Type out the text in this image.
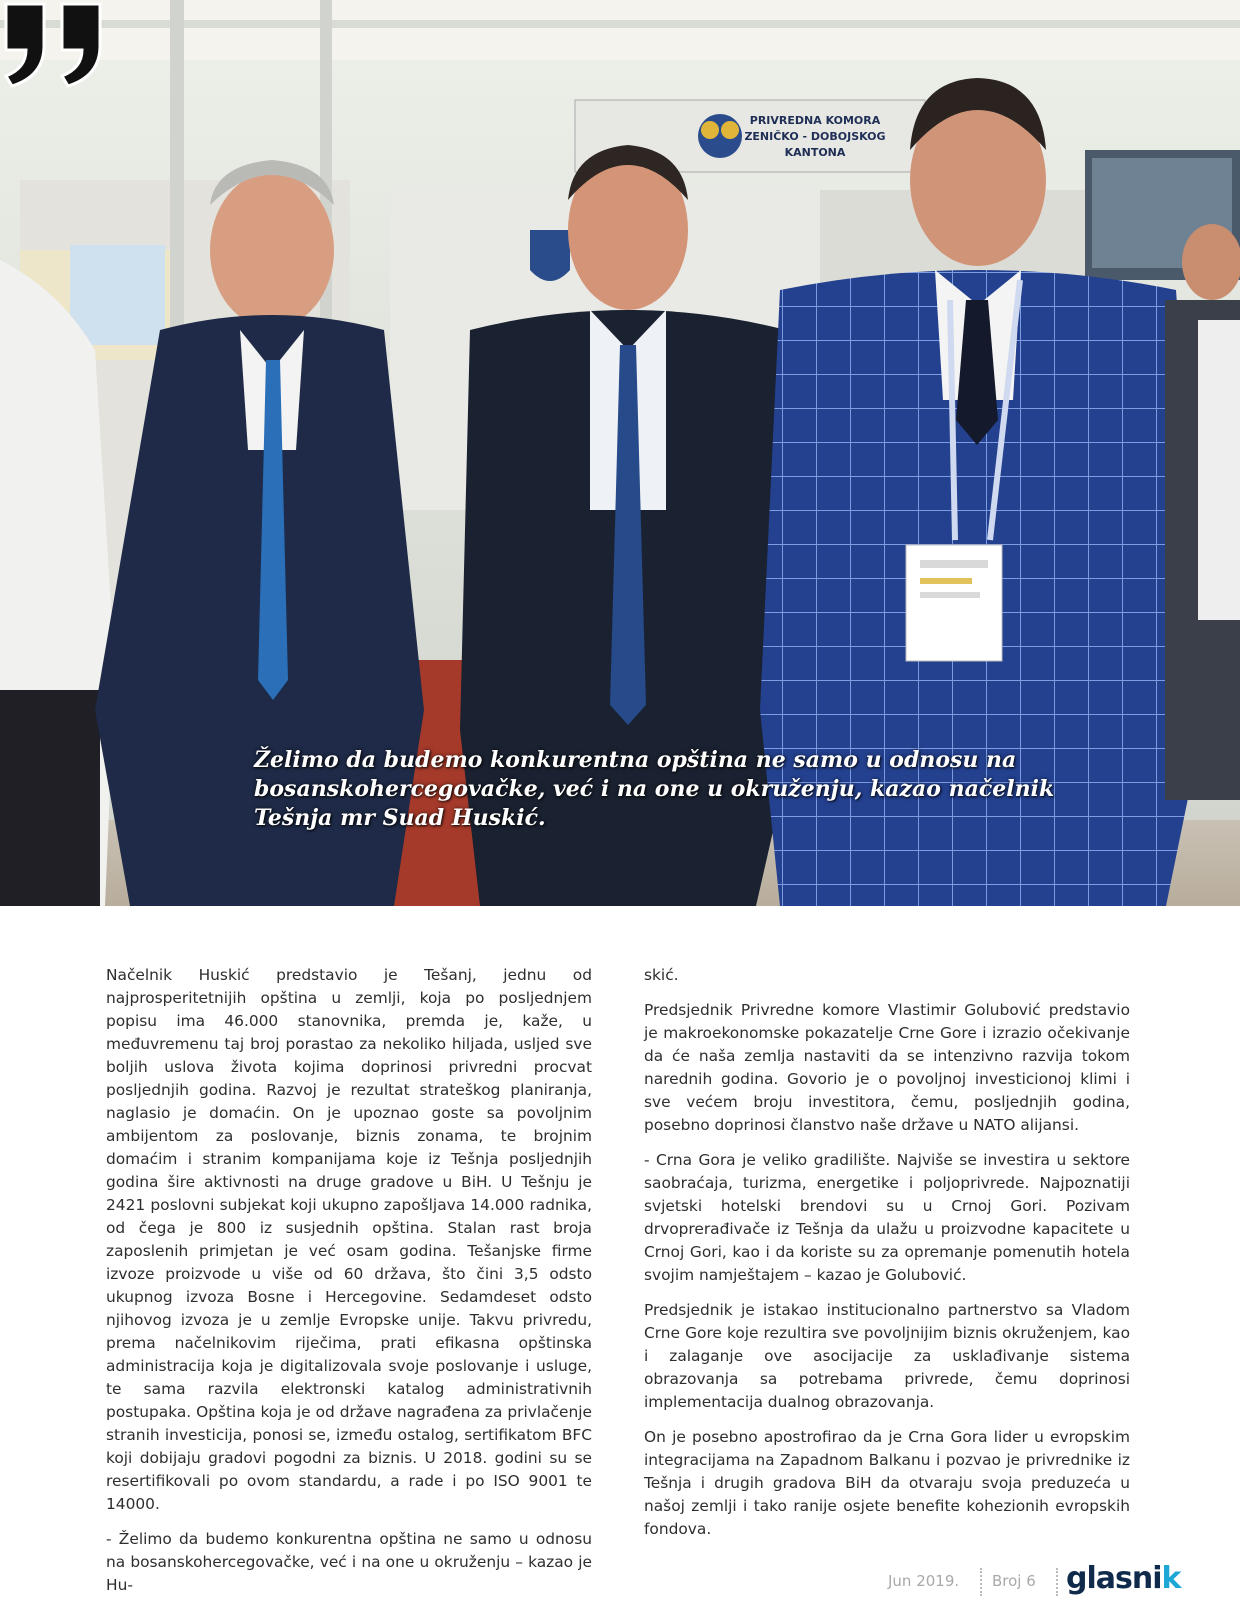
PRIVREDNA KOMORA
ZENIČKO - DOBOJSKOG
KANTONA
Želimo da budemo konkurentna opština ne samo u odnosu na
bosanskohercegovačke, već i na one u okruženju, kazao načelnik
Tešnja mr Suad Huskić.

Načelnik Huskić predstavio je Tešanj, jednu od najprosperitetnijih opština u zemlji, koja po posljednjem popisu ima 46.000 stanovnika, premda je, kaže, u međuvremenu taj broj porastao za nekoliko hiljada, usljed sve boljih uslova života kojima doprinosi privredni procvat posljednjih godina. Razvoj je rezultat strateškog planiranja, naglasio je domaćin. On je upoznao goste sa povoljnim ambijentom za poslovanje, biznis zonama, te brojnim domaćim i stranim kompanijama koje iz Tešnja posljednjih godina šire aktivnosti na druge gradove u BiH. U Tešnju je 2421 poslovni subjekat koji ukupno zapošljava 14.000 radnika, od čega je 800 iz susjednih opština. Stalan rast broja zaposlenih primjetan je već osam godina. Tešanjske firme izvoze proizvode u više od 60 država, što čini 3,5 odsto ukupnog izvoza Bosne i Hercegovine. Sedamdeset odsto njihovog izvoza je u zemlje Evropske unije. Takvu privredu, prema načelnikovim riječima, prati efikasna opštinska administracija koja je digitalizovala svoje poslovanje i usluge, te sama razvila elektronski katalog administrativnih postupaka. Opština koja je od države nagrađena za privlačenje stranih investicija, ponosi se, između ostalog, sertifikatom BFC koji dobijaju gradovi pogodni za biznis. U 2018. godini su se resertifikovali po ovom standardu, a rade i po ISO 9001 te 14000.

- Želimo da budemo konkurentna opština ne samo u odnosu na bosanskohercegovačke, već i na one u okruženju – kazao je Hu-

skić.

Predsjednik Privredne komore Vlastimir Golubović predstavio je makroekonomske pokazatelje Crne Gore i izrazio očekivanje da će naša zemlja nastaviti da se intenzivno razvija tokom narednih godina. Govorio je o povoljnoj investicionoj klimi i sve većem broju investitora, čemu, posljednjih godina, posebno doprinosi članstvo naše države u NATO alijansi.

- Crna Gora je veliko gradilište. Najviše se investira u sektore saobraćaja, turizma, energetike i poljoprivrede. Najpoznatiji svjetski hotelski brendovi su u Crnoj Gori. Pozivam drvoprerađivače iz Tešnja da ulažu u proizvodne kapacitete u Crnoj Gori, kao i da koriste su za opremanje pomenutih hotela svojim namještajem – kazao je Golubović.

Predsjednik je istakao institucionalno partnerstvo sa Vladom Crne Gore koje rezultira sve povoljnijim biznis okruženjem, kao i zalaganje ove asocijacije za usklađivanje sistema obrazovanja sa potrebama privrede, čemu doprinosi implementacija dualnog obrazovanja.

On je posebno apostrofirao da je Crna Gora lider u evropskim integracijama na Zapadnom Balkanu i pozvao je privrednike iz Tešnja i drugih gradova BiH da otvaraju svoja preduzeća u našoj zemlji i tako ranije osjete benefite kohezionih evropskih fondova.

Jun 2019. Broj 6 glasnik
